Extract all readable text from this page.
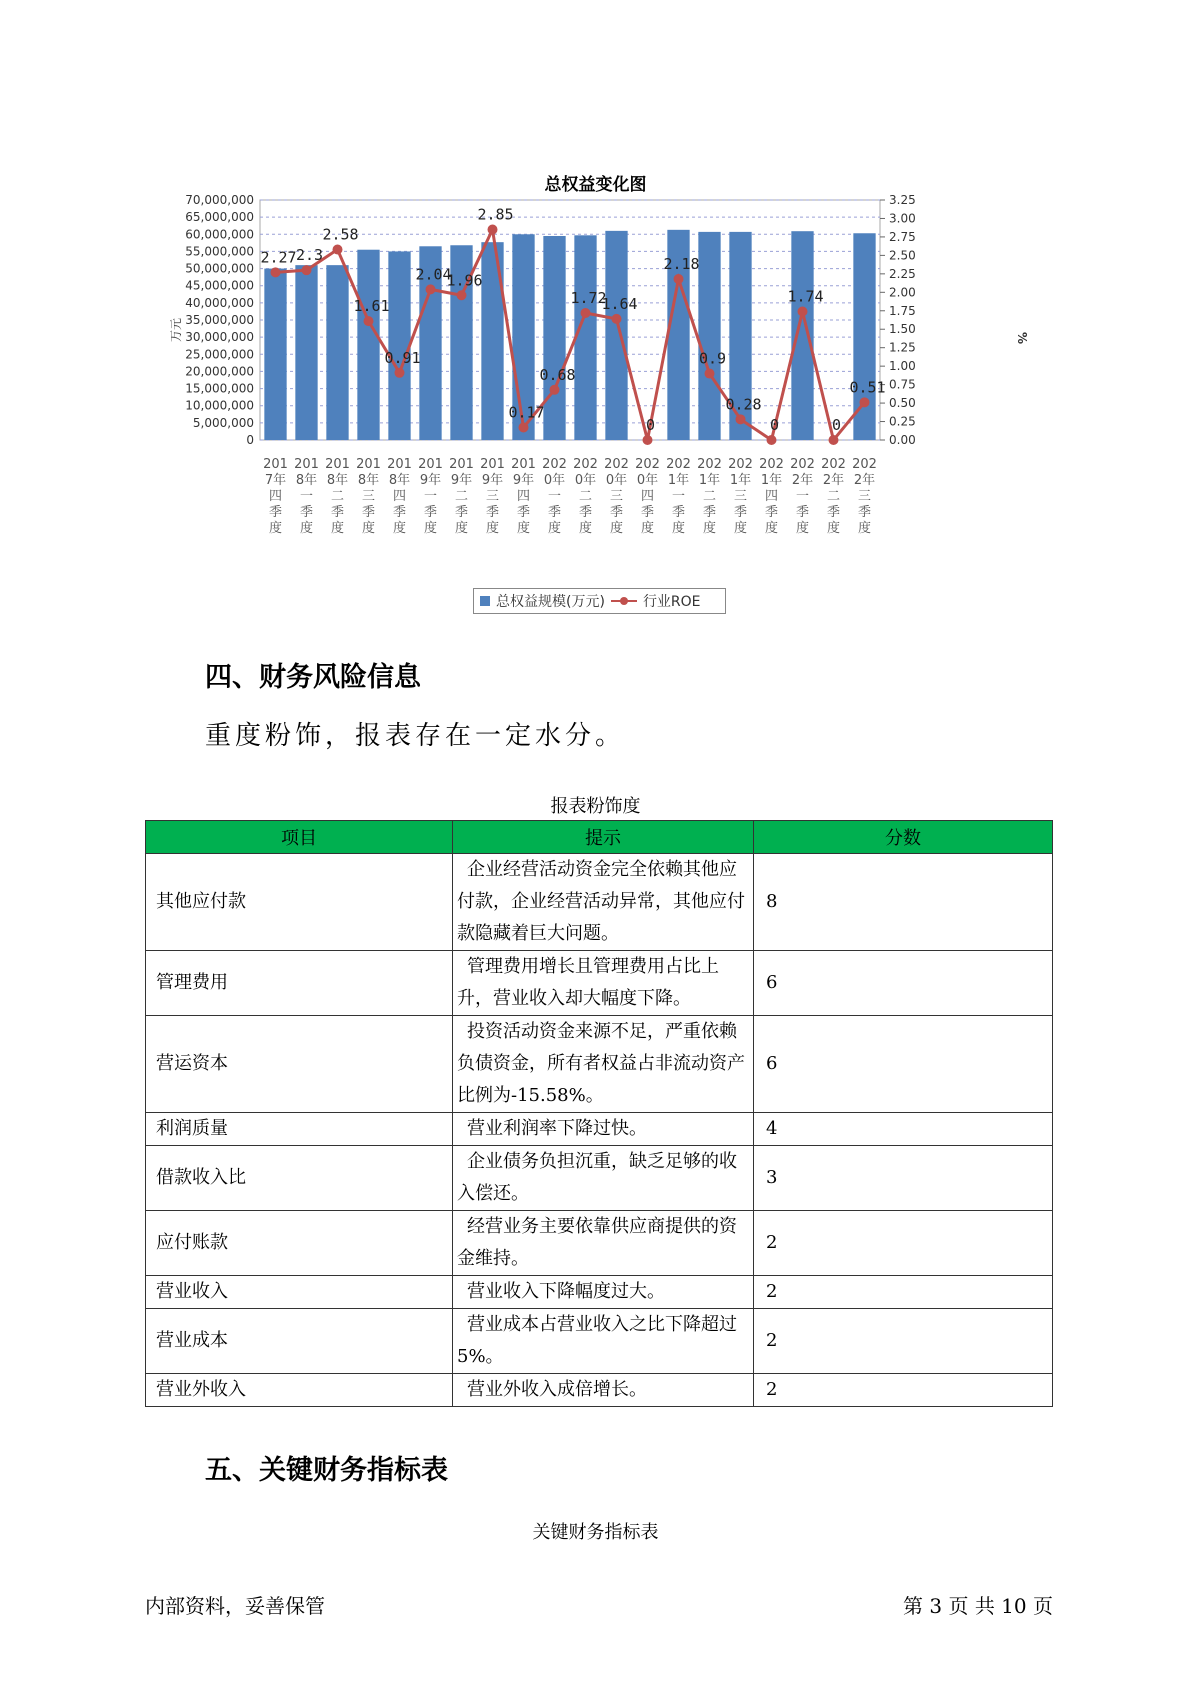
总权益变化图
0
5,000,000
10,000,000
15,000,000
20,000,000
25,000,000
30,000,000
35,000,000
40,000,000
45,000,000
50,000,000
55,000,000
60,000,000
65,000,000
70,000,000
0.00
0.25
0.50
0.75
1.00
1.25
1.50
1.75
2.00
2.25
2.50
2.75
3.00
3.25
201 7年四季度
201 8年一季度
201 8年二季度
201 8年三季度
201 8年四季度
201 9年一季度
201 9年二季度
201 9年三季度
201 9年四季度
202 0年一季度
202 0年二季度
202 0年三季度
202 0年四季度
202 1年一季度
202 1年二季度
202 1年三季度
202 1年四季度
202 2年一季度
202 2年二季度
202 2年三季度
2.27 2.3
2.58
1.61
0.91
2.04
1.96
2.85
0.17
0.68
1.72
1.64
0
2.18
0.9
0.28
0
1.74
0
0.51
万元	%
总权益规模(万元)	行业ROE
四、财务风险信息
重度粉饰，报表存在一定水分。
报表粉饰度
项目	提示	分数
其他应付款	企业经营活动资金完全依赖其他应付款，企业经营活动异常，其他应付款隐藏着巨大问题。	8
管理费用	管理费用增长且管理费用占比上升，营业收入却大幅度下降。	6
营运资本	投资活动资金来源不足，严重依赖负债资金，所有者权益占非流动资产比例为-15.58%。	6
利润质量	营业利润率下降过快。	4
借款收入比	企业债务负担沉重，缺乏足够的收入偿还。	3
应付账款	经营业务主要依靠供应商提供的资金维持。	2
营业收入	营业收入下降幅度过大。	2
营业成本	营业成本占营业收入之比下降超过5%。	2
营业外收入	营业外收入成倍增长。	2
五、关键财务指标表
关键财务指标表
内部资料，妥善保管	第 3 页 共 10 页
